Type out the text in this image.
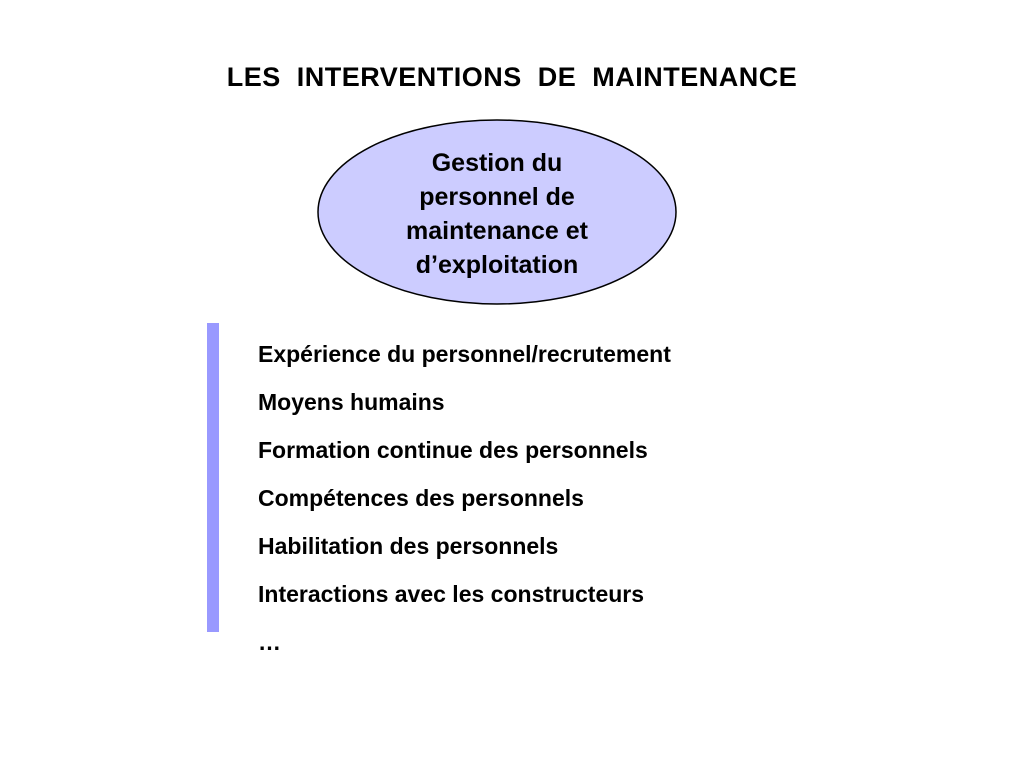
LES INTERVENTIONS DE MAINTENANCE
Gestion du
personnel de
maintenance et
d’exploitation
Expérience du personnel/recrutement
Moyens humains
Formation continue des personnels
Compétences des personnels
Habilitation des personnels
Interactions avec les constructeurs
…
